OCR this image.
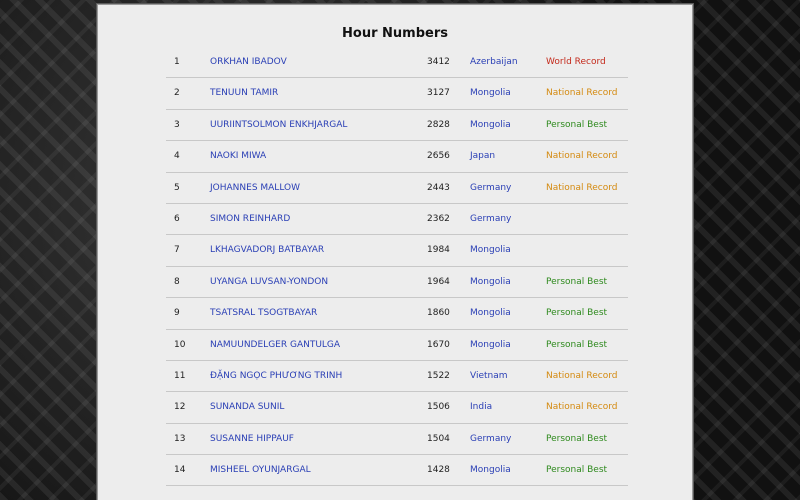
Hour Numbers
1	ORKHAN IBADOV	3412 Azerbaijan	World Record
2	TENUUN TAMIR	3127 Mongolia	National Record
3	UURIINTSOLMON ENKHJARGAL	2828 Mongolia	Personal Best
4	NAOKI MIWA	2656 Japan	National Record
5	JOHANNES MALLOW	2443 Germany	National Record
6	SIMON REINHARD	2362 Germany
7	LKHAGVADORJ BATBAYAR	1984 Mongolia
8	UYANGA LUVSAN-YONDON	1964 Mongolia	Personal Best
9	TSATSRAL TSOGTBAYAR	1860 Mongolia	Personal Best
10	NAMUUNDELGER GANTULGA	1670 Mongolia	Personal Best
11	ĐẶNG NGỌC PHƯƠNG TRINH	1522 Vietnam	National Record
12	SUNANDA SUNIL	1506 India	National Record
13	SUSANNE HIPPAUF	1504 Germany	Personal Best
14	MISHEEL OYUNJARGAL	1428 Mongolia	Personal Best
